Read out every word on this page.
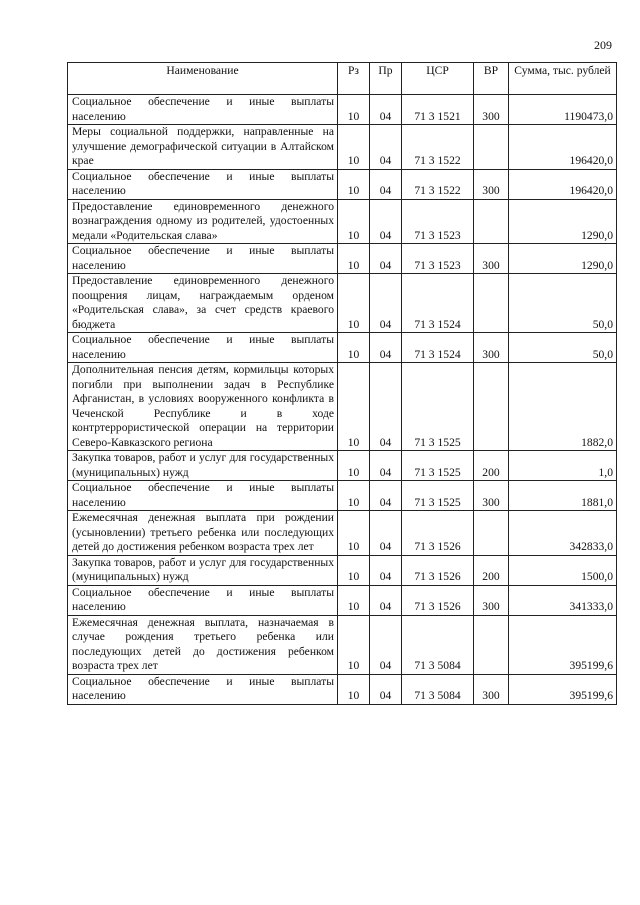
209
Наименование	Рз	Пр	ЦСР	ВР	Сумма, тыс. рублей
Социальное обеспечение и иные выплаты населению	10	04	71 3 1521	300	1190473,0
Меры социальной поддержки, направленные на улучшение демографической ситуации в Алтайском крае	10	04	71 3 1522		196420,0
Социальное обеспечение и иные выплаты населению	10	04	71 3 1522	300	196420,0
Предоставление единовременного денежного вознаграждения одному из родителей, удостоенных медали «Родительская слава»	10	04	71 3 1523		1290,0
Социальное обеспечение и иные выплаты населению	10	04	71 3 1523	300	1290,0
Предоставление единовременного денежного поощрения лицам, награждаемым орденом «Родительская слава», за счет средств краевого бюджета	10	04	71 3 1524		50,0
Социальное обеспечение и иные выплаты населению	10	04	71 3 1524	300	50,0
Дополнительная пенсия детям, кормильцы которых погибли при выполнении задач в Республике Афганистан, в условиях вооруженного конфликта в Чеченской Республике и в ходе контртеррористической операции на территории Северо-Кавказского региона	10	04	71 3 1525		1882,0
Закупка товаров, работ и услуг для государственных (муниципальных) нужд	10	04	71 3 1525	200	1,0
Социальное обеспечение и иные выплаты населению	10	04	71 3 1525	300	1881,0
Ежемесячная денежная выплата при рождении (усыновлении) третьего ребенка или последующих детей до достижения ребенком возраста трех лет	10	04	71 3 1526		342833,0
Закупка товаров, работ и услуг для государственных (муниципальных) нужд	10	04	71 3 1526	200	1500,0
Социальное обеспечение и иные выплаты населению	10	04	71 3 1526	300	341333,0
Ежемесячная денежная выплата, назначаемая в случае рождения третьего ребенка или последующих детей до достижения ребенком возраста трех лет	10	04	71 3 5084		395199,6
Социальное обеспечение и иные выплаты населению	10	04	71 3 5084	300	395199,6
